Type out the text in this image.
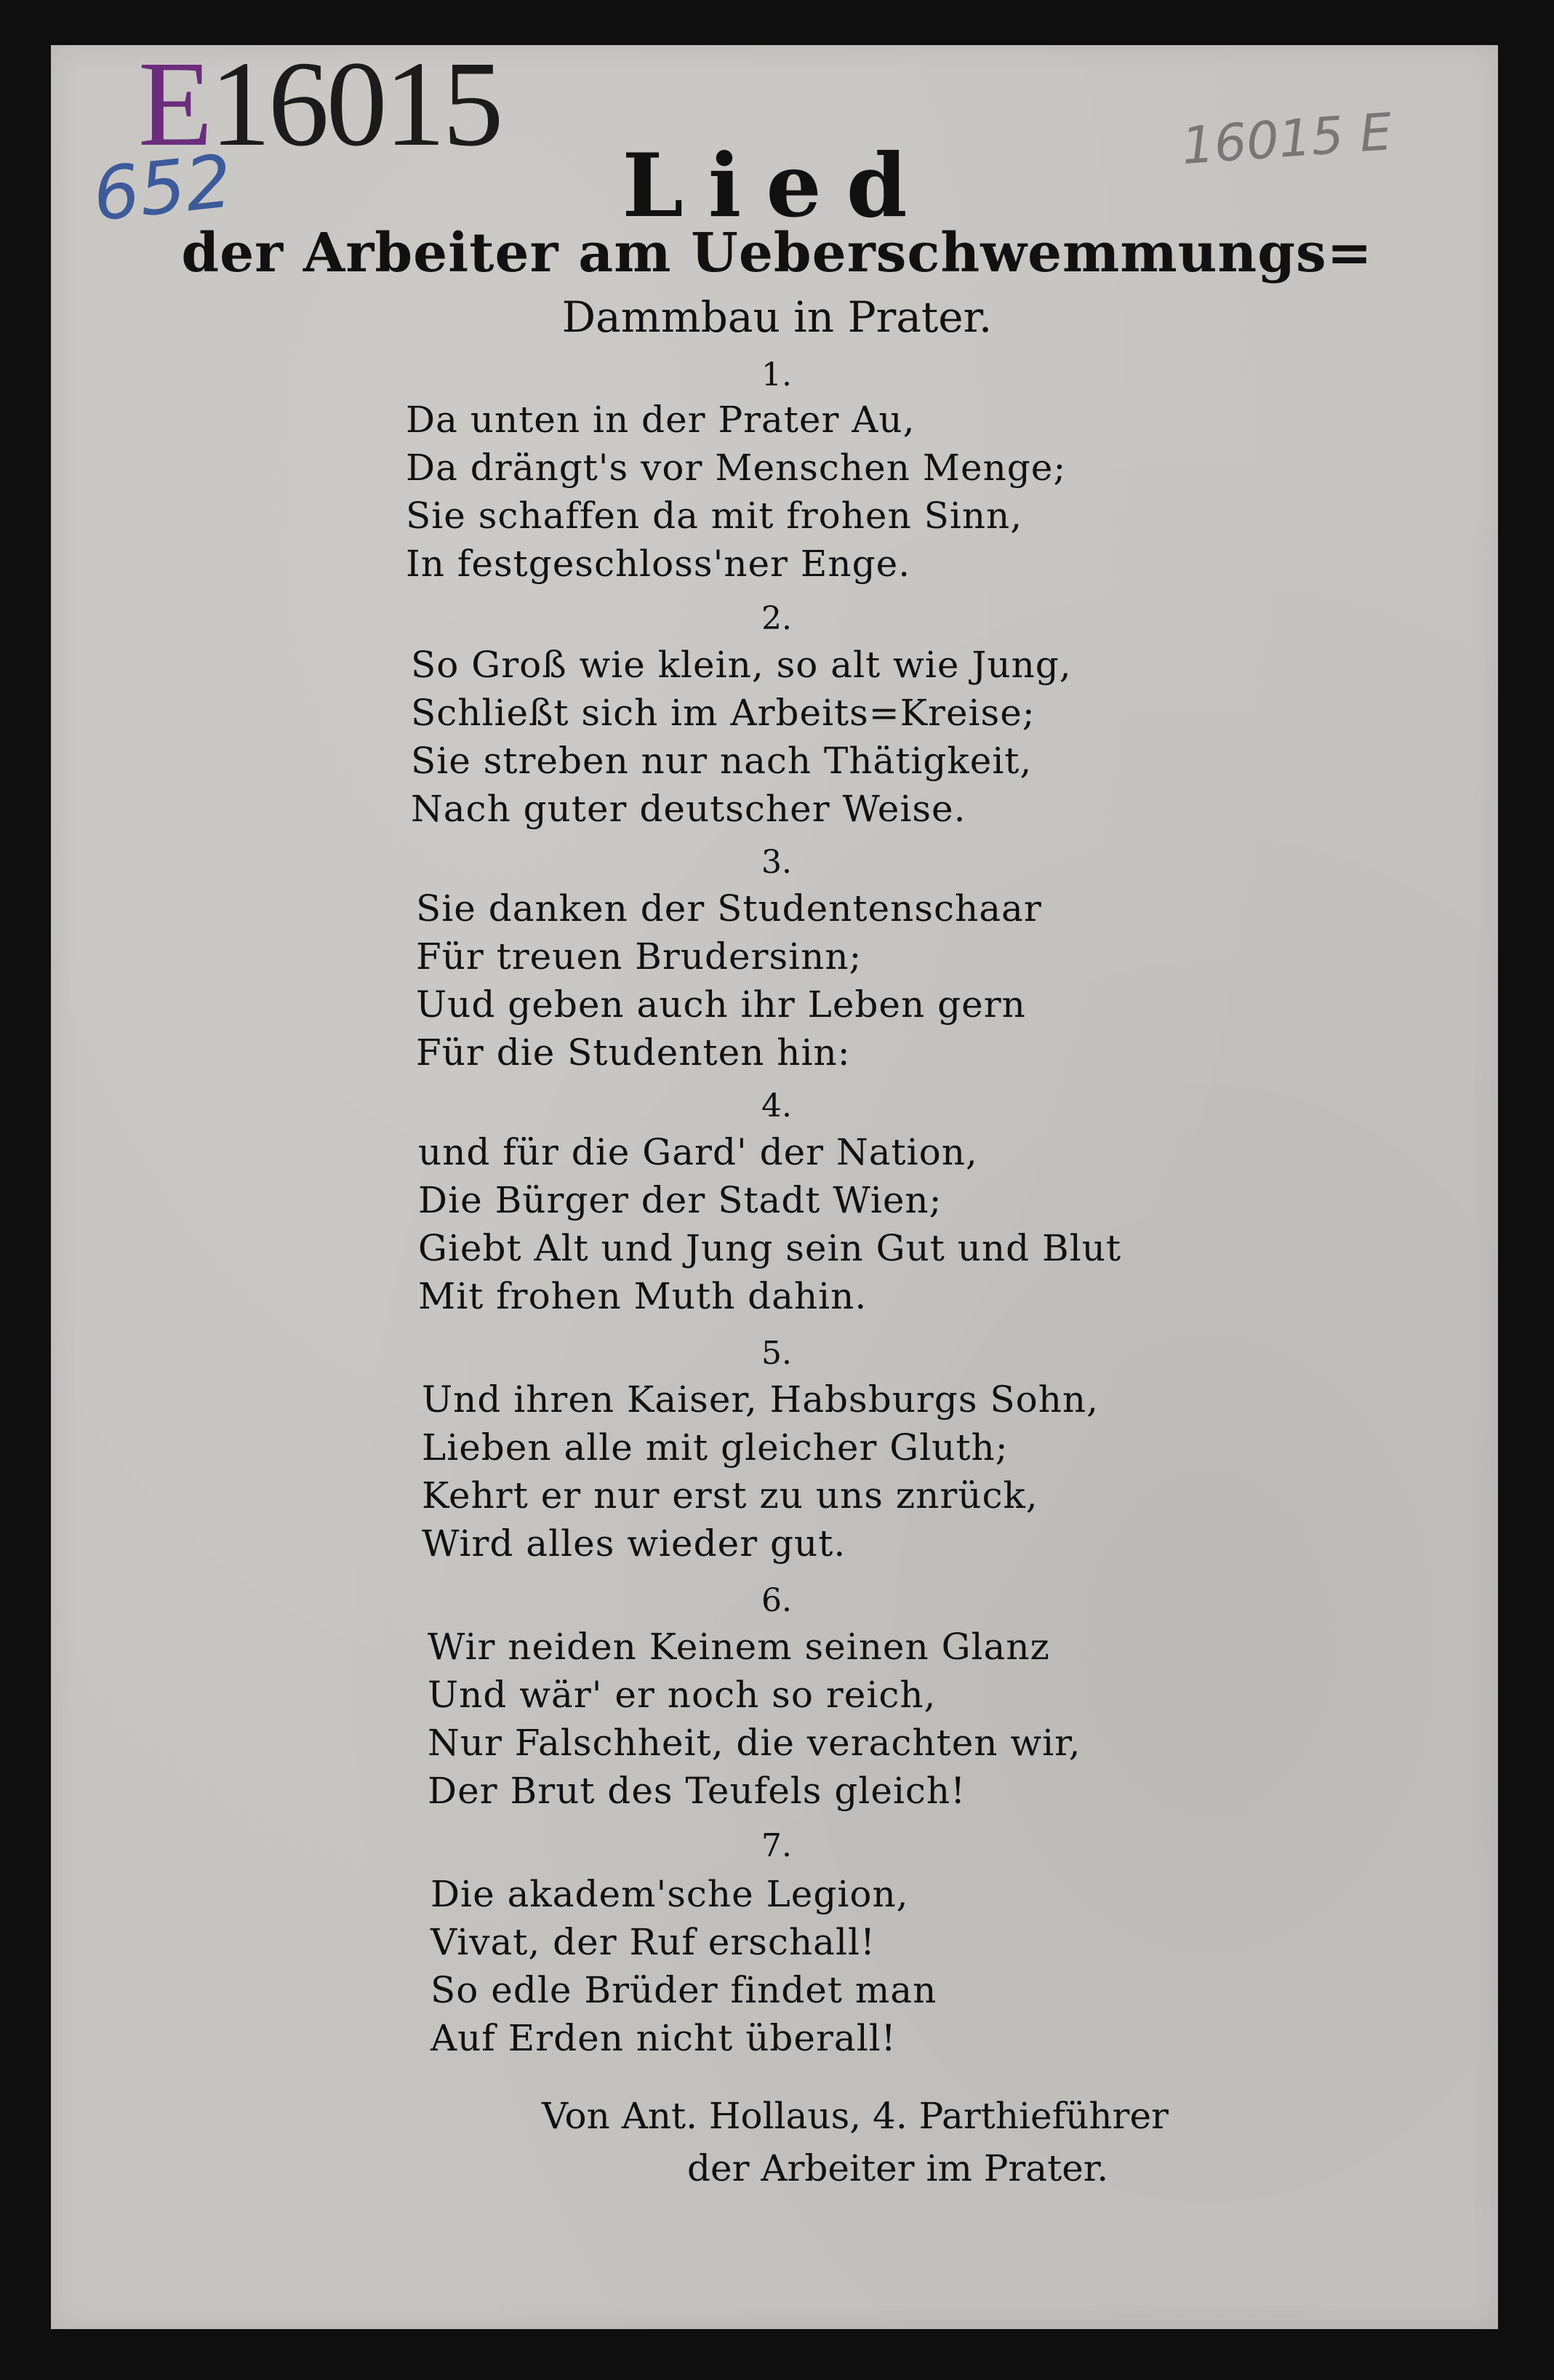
E16015
652	16015 E
Lied
der Arbeiter am Ueberschwemmungs=
Dammbau in Prater.
1.
Da unten in der Prater Au,
Da drängt's vor Menschen Menge;
Sie schaffen da mit frohen Sinn,
In festgeschloss'ner Enge.
2.
So Groß wie klein, so alt wie Jung,
Schließt sich im Arbeits=Kreise;
Sie streben nur nach Thätigkeit,
Nach guter deutscher Weise.
3.
Sie danken der Studentenschaar
Für treuen Brudersinn;
Uud geben auch ihr Leben gern
Für die Studenten hin:
4.
und für die Gard' der Nation,
Die Bürger der Stadt Wien;
Giebt Alt und Jung sein Gut und Blut
Mit frohen Muth dahin.
5.
Und ihren Kaiser, Habsburgs Sohn,
Lieben alle mit gleicher Gluth;
Kehrt er nur erst zu uns znrück,
Wird alles wieder gut.
6.
Wir neiden Keinem seinen Glanz
Und wär' er noch so reich,
Nur Falschheit, die verachten wir,
Der Brut des Teufels gleich!
7.
Die akadem'sche Legion,
Vivat, der Ruf erschall!
So edle Brüder findet man
Auf Erden nicht überall!
Von Ant. Hollaus, 4. Parthieführer
der Arbeiter im Prater.
